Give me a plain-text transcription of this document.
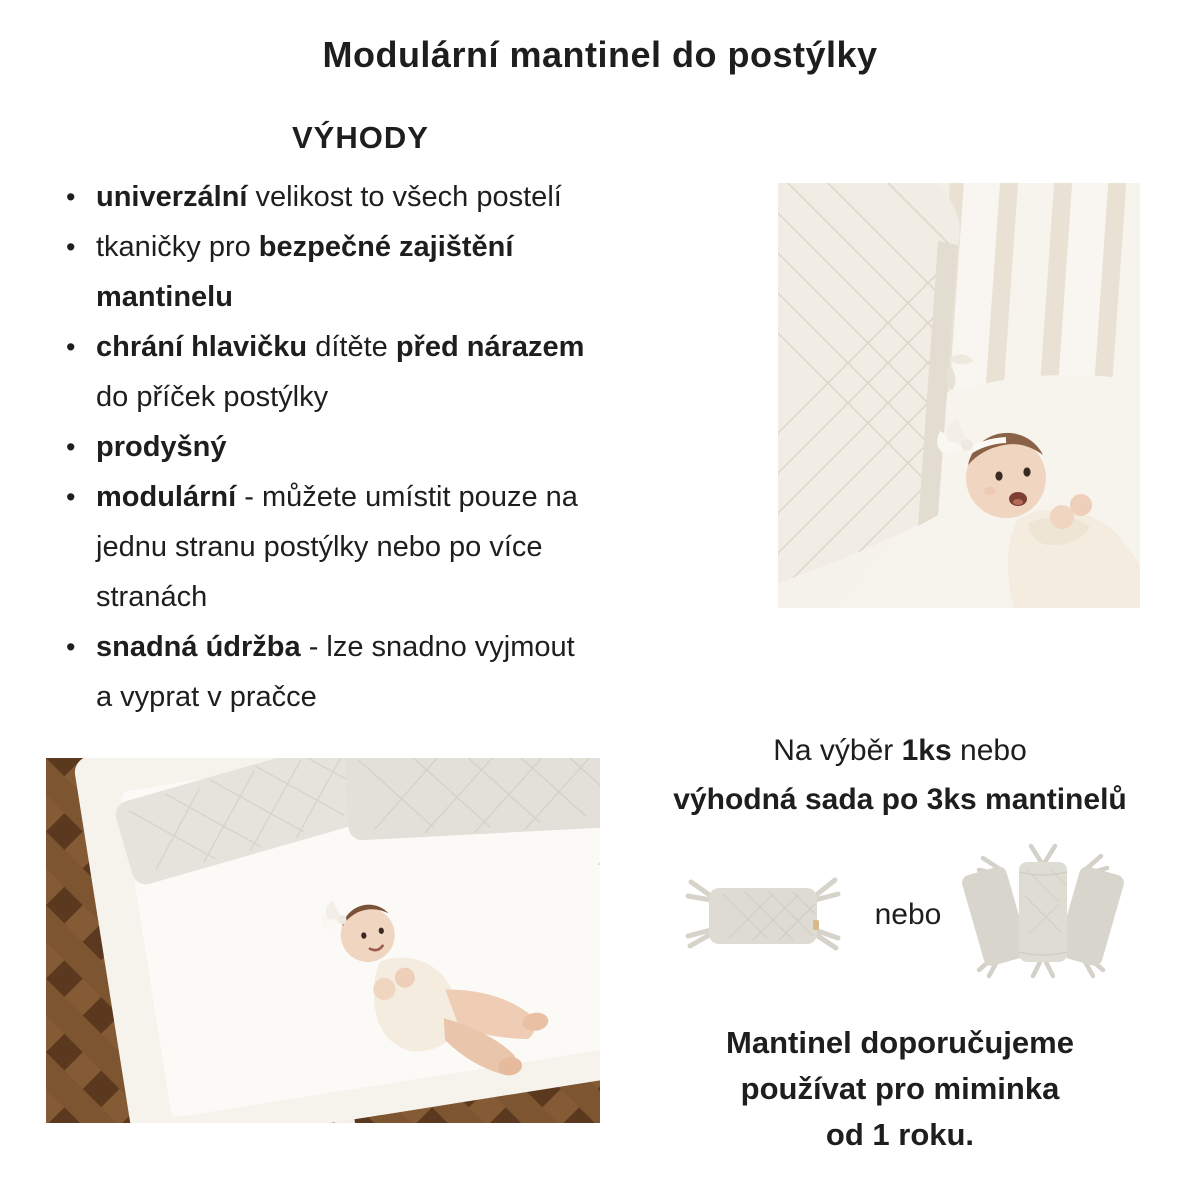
Modulární mantinel do postýlky
VÝHODY
• univerzální velikost to všech postelí
• tkaničky pro bezpečné zajištění
mantinelu
• chrání hlavičku dítěte před nárazem
do příček postýlky
• prodyšný
• modulární - můžete umístit pouze na
jednu stranu postýlky nebo po více
stranách
• snadná údržba - lze snadno vyjmout
a vyprat v pračce
Na výběr 1ks nebo
výhodná sada po 3ks mantinelů
nebo
Mantinel doporučujeme
používat pro miminka
od 1 roku.
